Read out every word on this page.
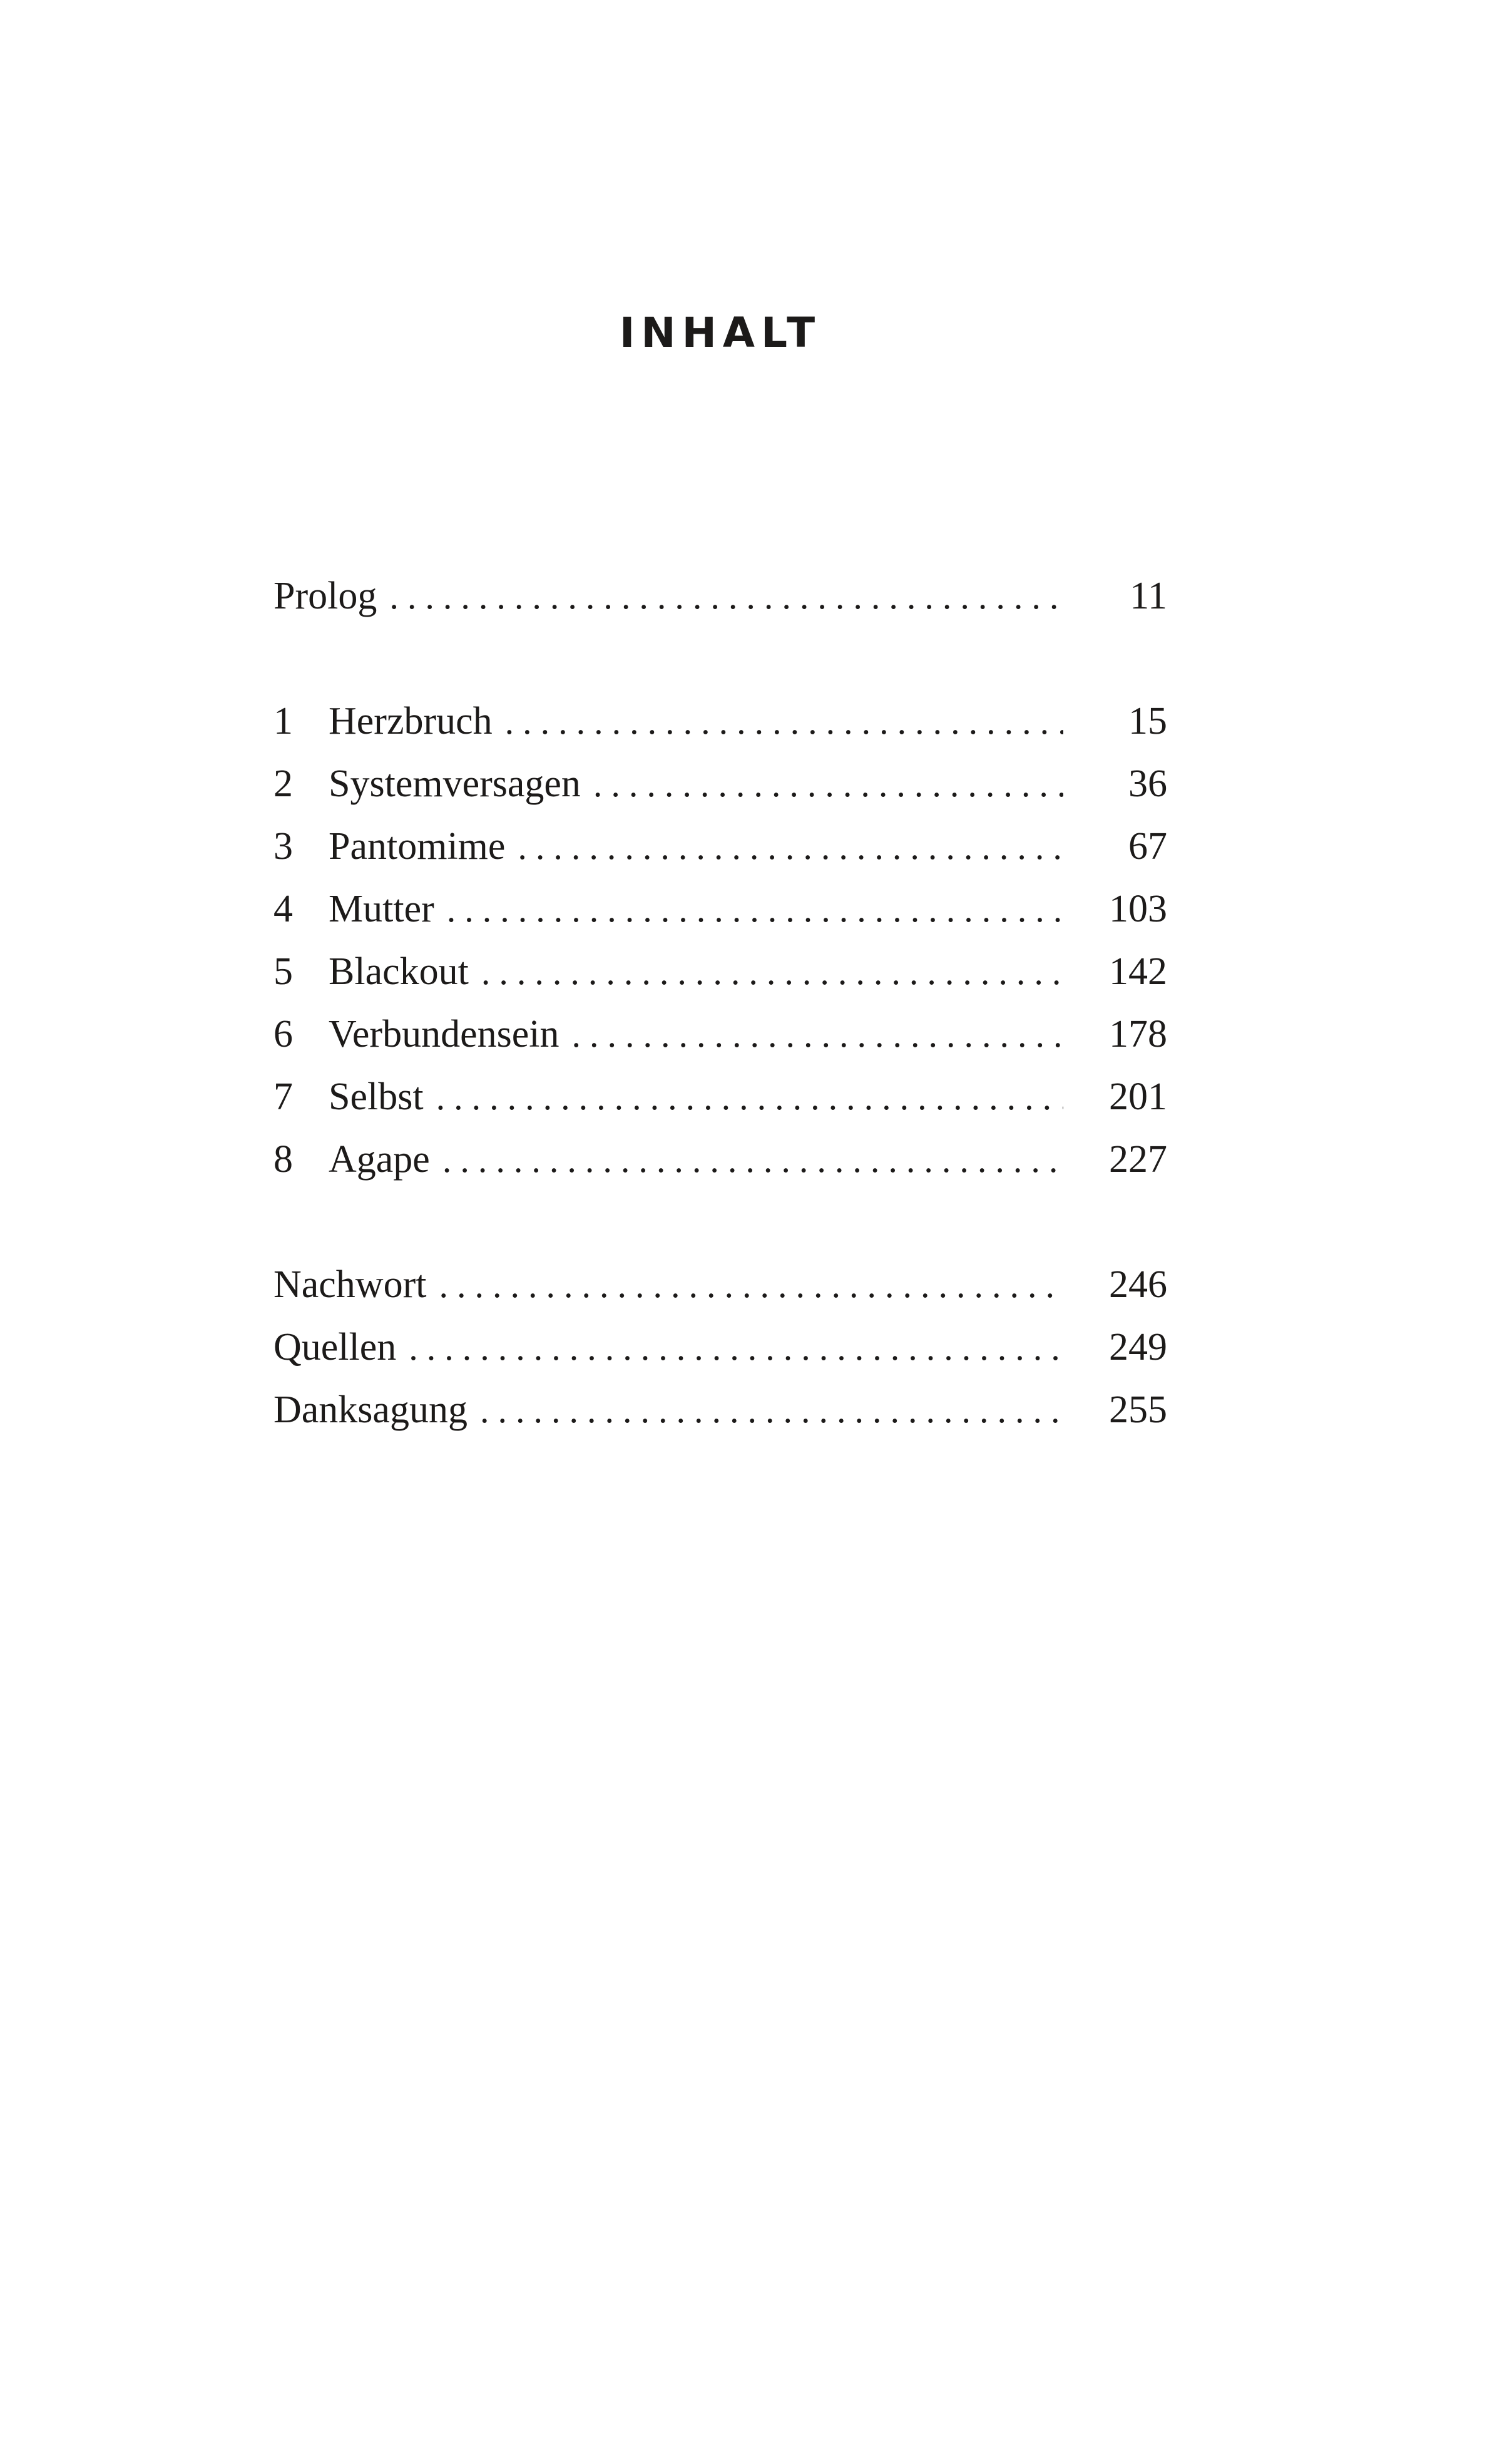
INHALT
Prolog .....	11
1 Herzbruch .....	15
2 Systemversagen .....	36
3 Pantomime .....	67
4 Mutter .....	103
5 Blackout .....	142
6 Verbundensein .....	178
7 Selbst .....	201
8 Agape .....	227
Nachwort .....	246
Quellen .....	249
Danksagung .....	255
